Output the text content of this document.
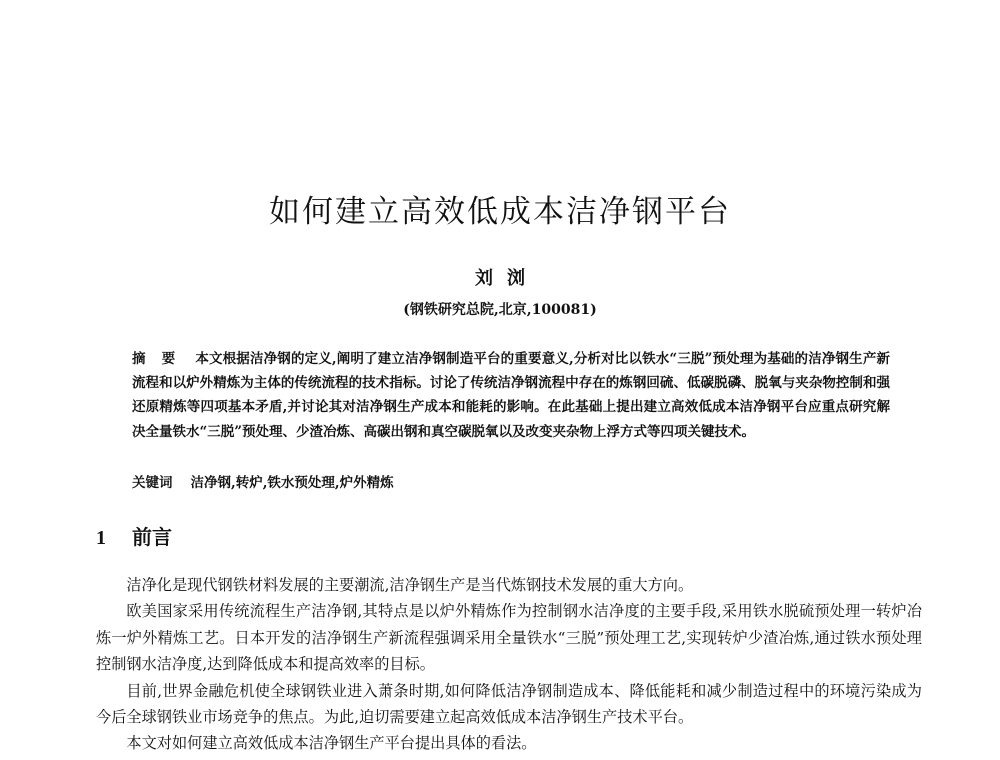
如何建立高效低成本洁净钢平台
刘浏
(钢铁研究总院,北京,100081)
摘要 本文根据洁净钢的定义,阐明了建立洁净钢制造平台的重要意义,分析对比以铁水“三脱”预处理为基础的洁净钢生产新流程和以炉外精炼为主体的传统流程的技术指标。讨论了传统洁净钢流程中存在的炼钢回硫、低碳脱磷、脱氧与夹杂物控制和强还原精炼等四项基本矛盾,并讨论其对洁净钢生产成本和能耗的影响。在此基础上提出建立高效低成本洁净钢平台应重点研究解决全量铁水“三脱”预处理、少渣冶炼、高碳出钢和真空碳脱氧以及改变夹杂物上浮方式等四项关键技术。
关键词 洁净钢,转炉,铁水预处理,炉外精炼
1 前言

洁净化是现代钢铁材料发展的主要潮流,洁净钢生产是当代炼钢技术发展的重大方向。

欧美国家采用传统流程生产洁净钢,其特点是以炉外精炼作为控制钢水洁净度的主要手段,采用铁水脱硫预处理一转炉冶炼一炉外精炼工艺。日本开发的洁净钢生产新流程强调采用全量铁水“三脱”预处理工艺,实现转炉少渣冶炼,通过铁水预处理控制钢水洁净度,达到降低成本和提高效率的目标。

目前,世界金融危机使全球钢铁业进入萧条时期,如何降低洁净钢制造成本、降低能耗和减少制造过程中的环境污染成为今后全球钢铁业市场竞争的焦点。为此,迫切需要建立起高效低成本洁净钢生产技术平台。

本文对如何建立高效低成本洁净钢生产平台提出具体的看法。
